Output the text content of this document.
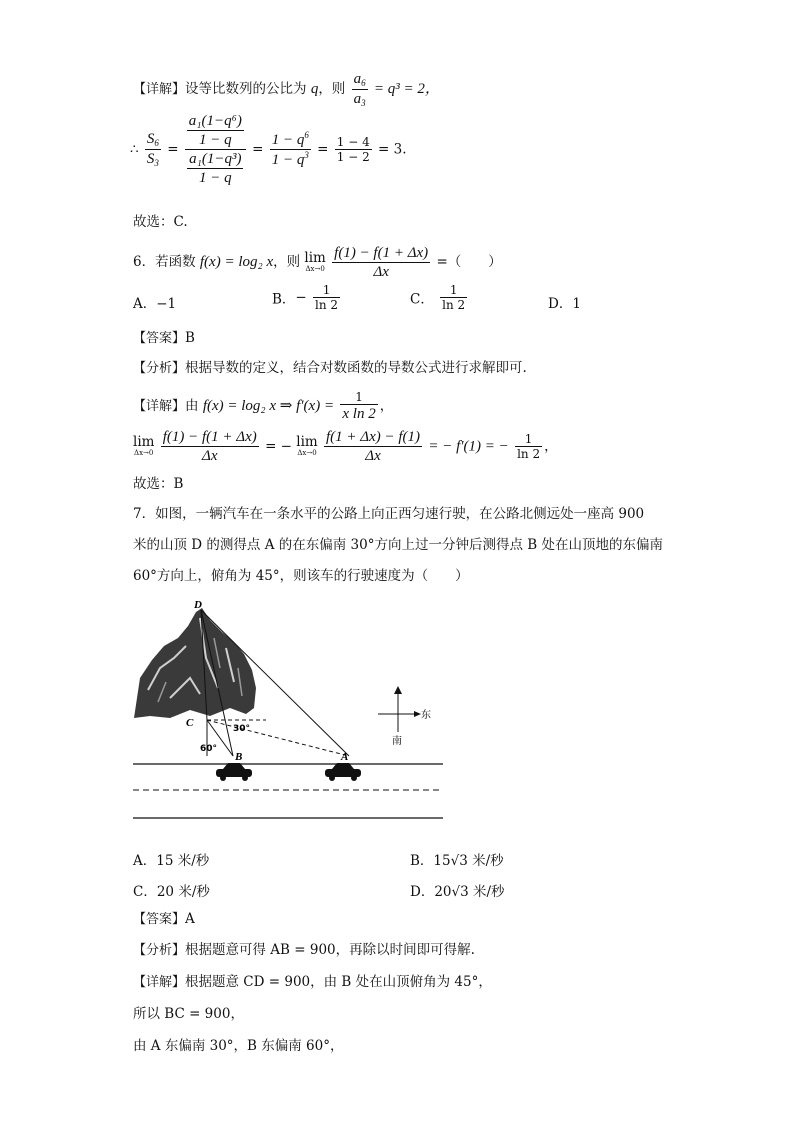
【详解】设等比数列的公比为 q，则 $\frac{a_6}{a_3} = q^3 = 2$，
∴ $\frac{S_6}{S_3} = \frac{\frac{\text{a₁(1−q⁶)}}{1 - q}}{\frac{\text{a₁(1−q³)}}{1 - q}} = \frac{1 - q^6}{1 - q^3} = \frac{1 - 4}{1 - 2} = 3$.
故选：C.
6．若函数 f(x) = log₂ x，则 lim
Δx→0
$\frac{f(1) - f(1 + \Delta x)}{\Delta x}$ =（　　）
A．−1	B．− $\frac{1}{\ln 2}$	C． $\frac{1}{\ln 2}$	D．1
【答案】B
【分析】根据导数的定义，结合对数函数的导数公式进行求解即可.
【详解】由 f(x) = log₂ x ⇒ $f'(x) = \frac{1}{\text{x ln 2}}$ ，
lim
Δx→0
$\frac{f(1) - f(1 + \Delta x)}{\Delta x}$ = − lim
Δx→0
$\frac{f(1 + \Delta x) - f(1)}{\Delta x}$ = − f′(1) = − $\frac{1}{\ln 2}$ ，
故选：B
7．如图，一辆汽车在一条水平的公路上向正西匀速行驶，在公路北侧远处一座高 900
米的山顶 D 的测得点 A 的在东偏南 30°方向上过一分钟后测得点 B 处在山顶地的东偏南
60°方向上，俯角为 45°，则该车的行驶速度为（　　）
D
C
B	A
30°
60°
东
南
A．15 米/秒	B．15√3 米/秒
C．20 米/秒	D．20√3 米/秒
【答案】A
【分析】根据题意可得 AB = 900，再除以时间即可得解.
【详解】根据题意 CD = 900，由 B 处在山顶俯角为 45°，
所以 BC = 900，
由 A 东偏南 30°，B 东偏南 60°，
